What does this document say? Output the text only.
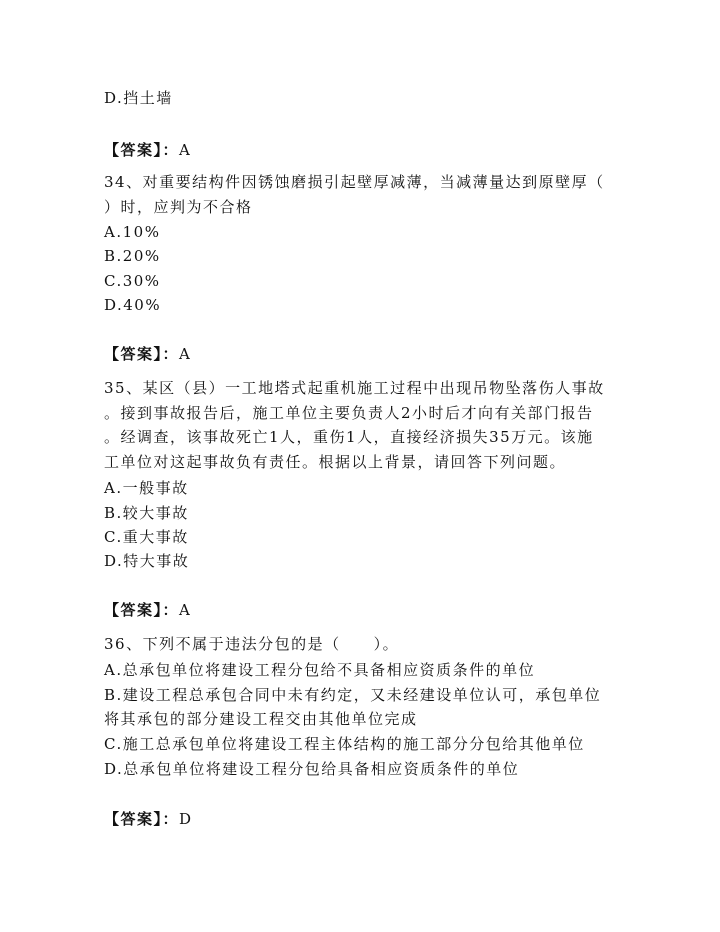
D.挡土墙
【答案】：A
34、对重要结构件因锈蚀磨损引起壁厚减薄，当减薄量达到原壁厚（
）时，应判为不合格
A.10%
B.20%
C.30%
D.40%
【答案】：A
35、某区（县）一工地塔式起重机施工过程中出现吊物坠落伤人事故
。接到事故报告后，施工单位主要负责人2小时后才向有关部门报告
。经调查，该事故死亡1人，重伤1人，直接经济损失35万元。该施
工单位对这起事故负有责任。根据以上背景，请回答下列问题。
A.一般事故
B.较大事故
C.重大事故
D.特大事故
【答案】：A
36、下列不属于违法分包的是（　　）。
A.总承包单位将建设工程分包给不具备相应资质条件的单位
B.建设工程总承包合同中未有约定，又未经建设单位认可，承包单位
将其承包的部分建设工程交由其他单位完成
C.施工总承包单位将建设工程主体结构的施工部分分包给其他单位
D.总承包单位将建设工程分包给具备相应资质条件的单位
【答案】：D
